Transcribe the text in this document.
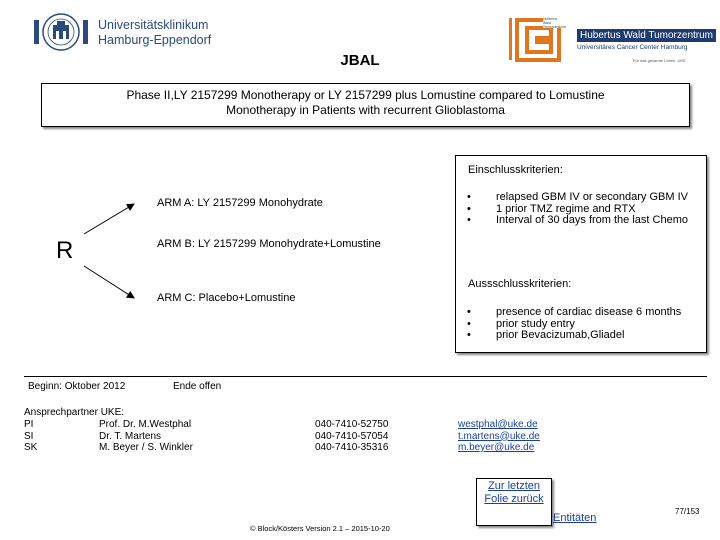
Universitätsklinikum
Hamburg-Eppendorf
Hubertus Wald Tumorzentrum
Hubertus Wald Tumorzentrum
Universitäres Cancer Center Hamburg
Für das gesamte Leben. UKE
JBAL
Phase II,LY 2157299 Monotherapy or LY 2157299 plus Lomustine compared to Lomustine
Monotherapy in Patients with recurrent Glioblastoma
R
ARM A: LY 2157299 Monohydrate
ARM B: LY 2157299 Monohydrate+Lomustine
ARM C: Placebo+Lomustine
Einschlusskriterien:
• relapsed GBM IV or secondary GBM IV
• 1 prior TMZ regime and RTX
• Interval of 30 days from the last Chemo
Aussschlusskriterien:
• presence of cardiac disease 6 months
• prior study entry
• prior Bevacizumab,Gliadel
Beginn: Oktober 2012	Ende offen
Ansprechpartner UKE:
PI
SI
SK
Prof. Dr. M.Westphal
Dr. T. Martens
M. Beyer / S. Winkler
040-7410-52750
040-7410-57054
040-7410-35316
westphal@uke.de
t.martens@uke.de
m.beyer@uke.de
© Block/Kösters Version 2.1 – 2015-10-20
Zur letzten
Folie zurück
Entitäten
77/153
